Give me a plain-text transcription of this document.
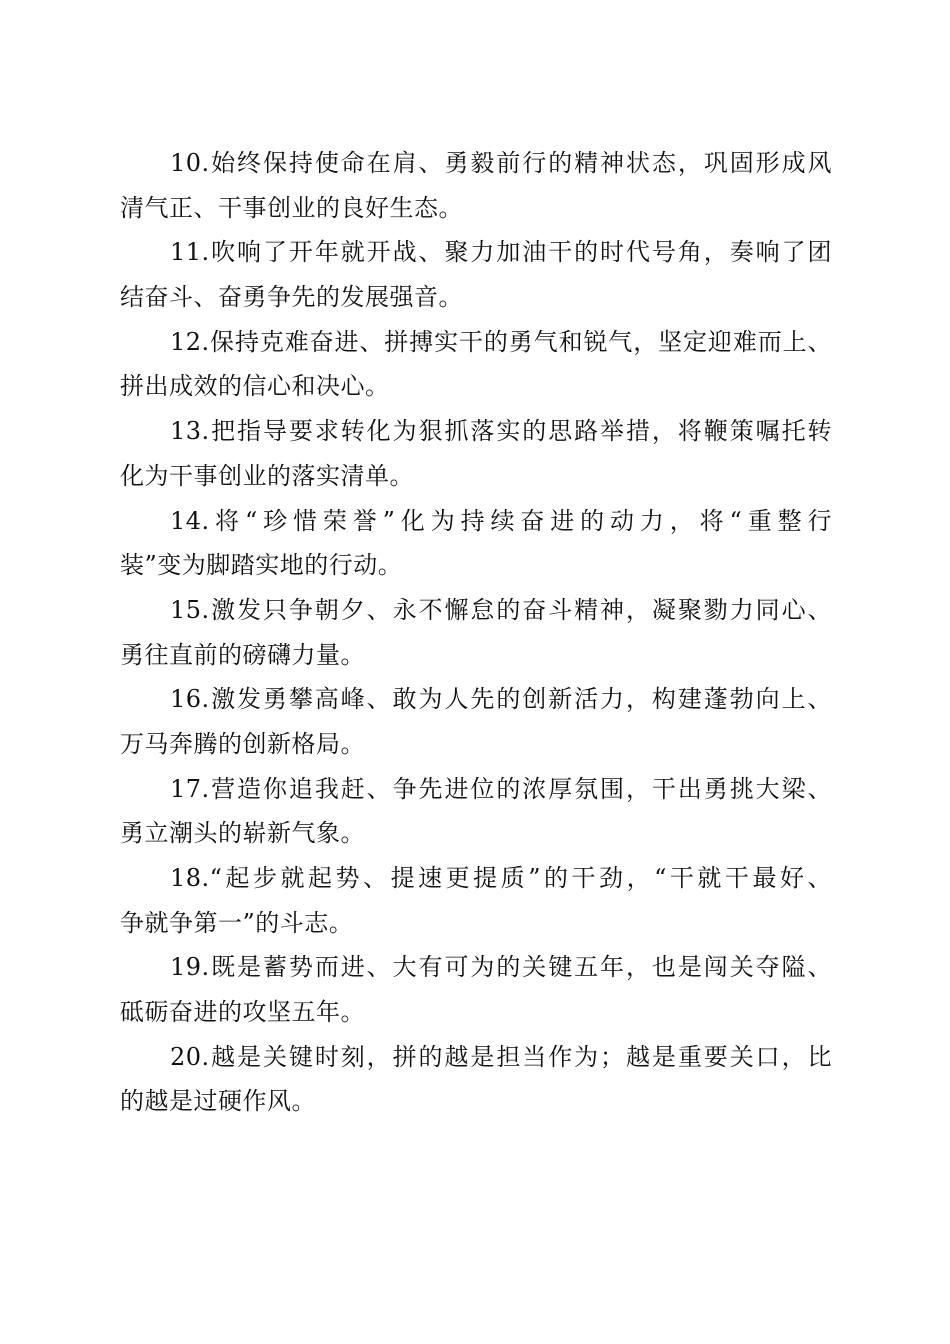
10.始终保持使命在肩、勇毅前行的精神状态，巩固形成风
清气正、干事创业的良好生态。
11.吹响了开年就开战、聚力加油干的时代号角，奏响了团
结奋斗、奋勇争先的发展强音。
12.保持克难奋进、拼搏实干的勇气和锐气，坚定迎难而上、
拼出成效的信心和决心。
13.把指导要求转化为狠抓落实的思路举措，将鞭策嘱托转
化为干事创业的落实清单。
14.将“珍惜荣誉”化为持续奋进的动力，将“重整行
装”变为脚踏实地的行动。
15.激发只争朝夕、永不懈怠的奋斗精神，凝聚勠力同心、
勇往直前的磅礴力量。
16.激发勇攀高峰、敢为人先的创新活力，构建蓬勃向上、
万马奔腾的创新格局。
17.营造你追我赶、争先进位的浓厚氛围，干出勇挑大梁、
勇立潮头的崭新气象。
18.“起步就起势、提速更提质”的干劲，“干就干最好、
争就争第一”的斗志。
19.既是蓄势而进、大有可为的关键五年，也是闯关夺隘、
砥砺奋进的攻坚五年。
20.越是关键时刻，拼的越是担当作为；越是重要关口，比
的越是过硬作风。
